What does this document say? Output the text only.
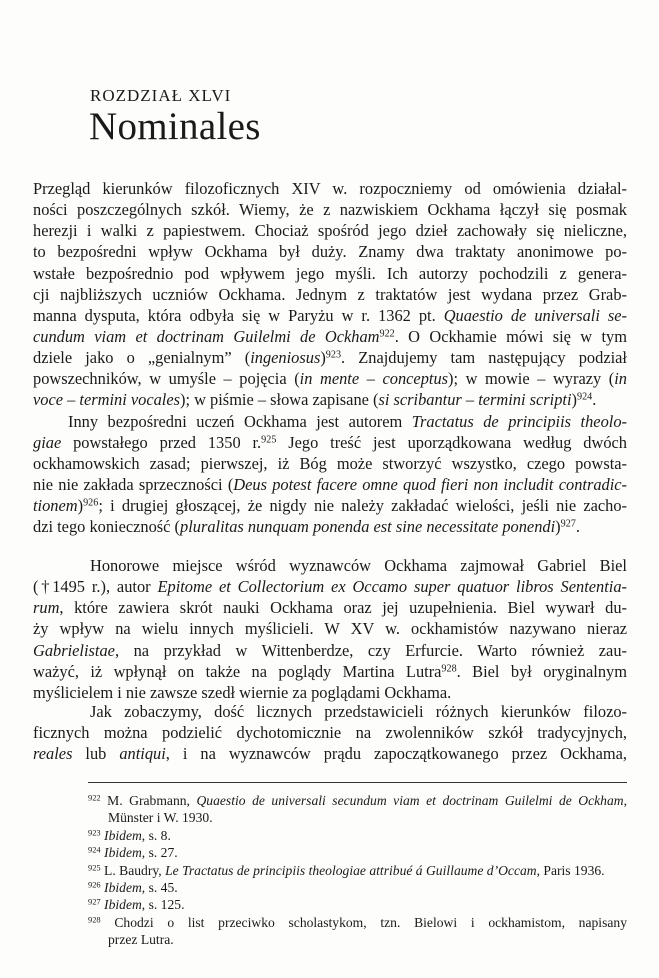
ROZDZIAŁ XLVI
Nominales
Przegląd kierunków filozoficznych XIV w. rozpoczniemy od omówienia działal-
ności poszczególnych szkół. Wiemy, że z nazwiskiem Ockhama łączył się posmak
herezji i walki z papiestwem. Chociaż spośród jego dzieł zachowały się nieliczne,
to bezpośredni wpływ Ockhama był duży. Znamy dwa traktaty anonimowe po-
wstałe bezpośrednio pod wpływem jego myśli. Ich autorzy pochodzili z genera-
cji najbliższych uczniów Ockhama. Jednym z traktatów jest wydana przez Grab-
manna dysputa, która odbyła się w Paryżu w r. 1362 pt. Quaestio de universali se-
cundum viam et doctrinam Guilelmi de Ockham$^{922}$. O Ockhamie mówi się w tym
dziele jako o „genialnym” (ingeniosus)$^{923}$. Znajdujemy tam następujący podział
powszechników, w umyśle – pojęcia (in mente – conceptus); w mowie – wyrazy (in
voce – termini vocales); w piśmie – słowa zapisane (si scribantur – termini scripti)$^{924}$.
Inny bezpośredni uczeń Ockhama jest autorem Tractatus de principiis theolo-
giae powstałego przed 1350 r.$^{925}$ Jego treść jest uporządkowana według dwóch
ockhamowskich zasad; pierwszej, iż Bóg może stworzyć wszystko, czego powsta-
nie nie zakłada sprzeczności (Deus potest facere omne quod fieri non includit contradic-
tionem)$^{926}$; i drugiej głoszącej, że nigdy nie należy zakładać wielości, jeśli nie zacho-
dzi tego konieczność (pluralitas nunquam ponenda est sine necessitate ponendi)$^{927}$.
Honorowe miejsce wśród wyznawców Ockhama zajmował Gabriel Biel
(†1495 r.), autor Epitome et Collectorium ex Occamo super quatuor libros Sententia-
rum, które zawiera skrót nauki Ockhama oraz jej uzupełnienia. Biel wywarł du-
ży wpływ na wielu innych myślicieli. W XV w. ockhamistów nazywano nieraz
Gabrielistae, na przykład w Wittenberdze, czy Erfurcie. Warto również zau-
ważyć, iż wpłynął on także na poglądy Martina Lutra$^{928}$. Biel był oryginalnym
myślicielem i nie zawsze szedł wiernie za poglądami Ockhama.
Jak zobaczymy, dość licznych przedstawicieli różnych kierunków filozo-
ficznych można podzielić dychotomicznie na zwolenników szkół tradycyjnych,
reales lub antiqui, i na wyznawców prądu zapoczątkowanego przez Ockhama,
$^{922}$ M. Grabmann, Quaestio de universali secundum viam et doctrinam Guilelmi de Ockham,
Münster i W. 1930.
$^{923}$ Ibidem, s. 8.
$^{924}$ Ibidem, s. 27.
$^{925}$ L. Baudry, Le Tractatus de principiis theologiae attribué á Guillaume d’Occam, Paris 1936.
$^{926}$ Ibidem, s. 45.
$^{927}$ Ibidem, s. 125.
$^{928}$ Chodzi o list przeciwko scholastykom, tzn. Bielowi i ockhamistom, napisany
przez Lutra.
